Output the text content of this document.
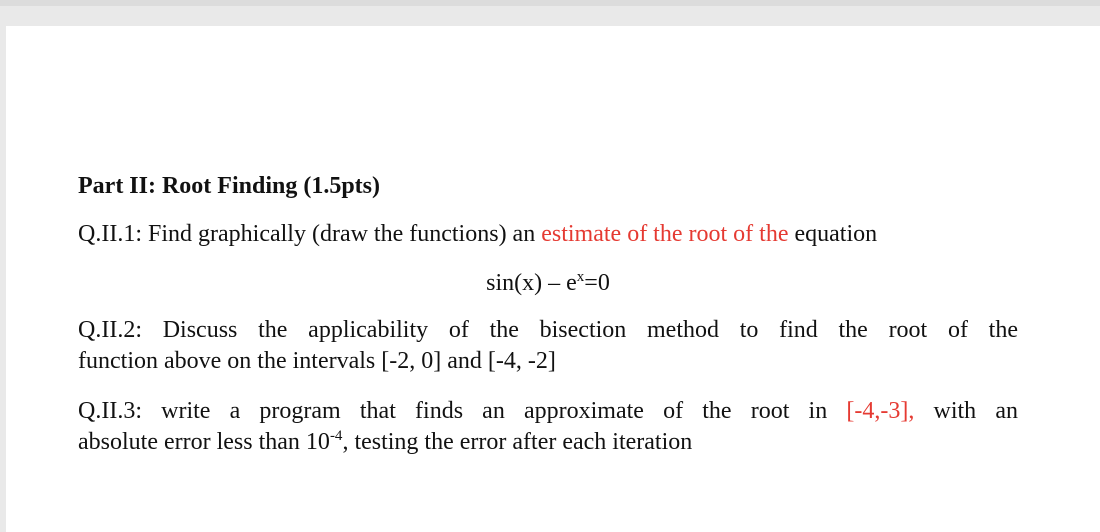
Part II: Root Finding (1.5pts)
Q.II.1: Find graphically (draw the functions) an estimate of the root of the equation
$\sin(x) - e^x=0$
Q.II.2: Discuss the applicability of the bisection method to find the root of the
function above on the intervals [-2, 0] and [-4, -2]
Q.II.3: write a program that finds an approximate of the root in [-4,-3], with an
absolute error less than $10^{-4}$, testing the error after each iteration
